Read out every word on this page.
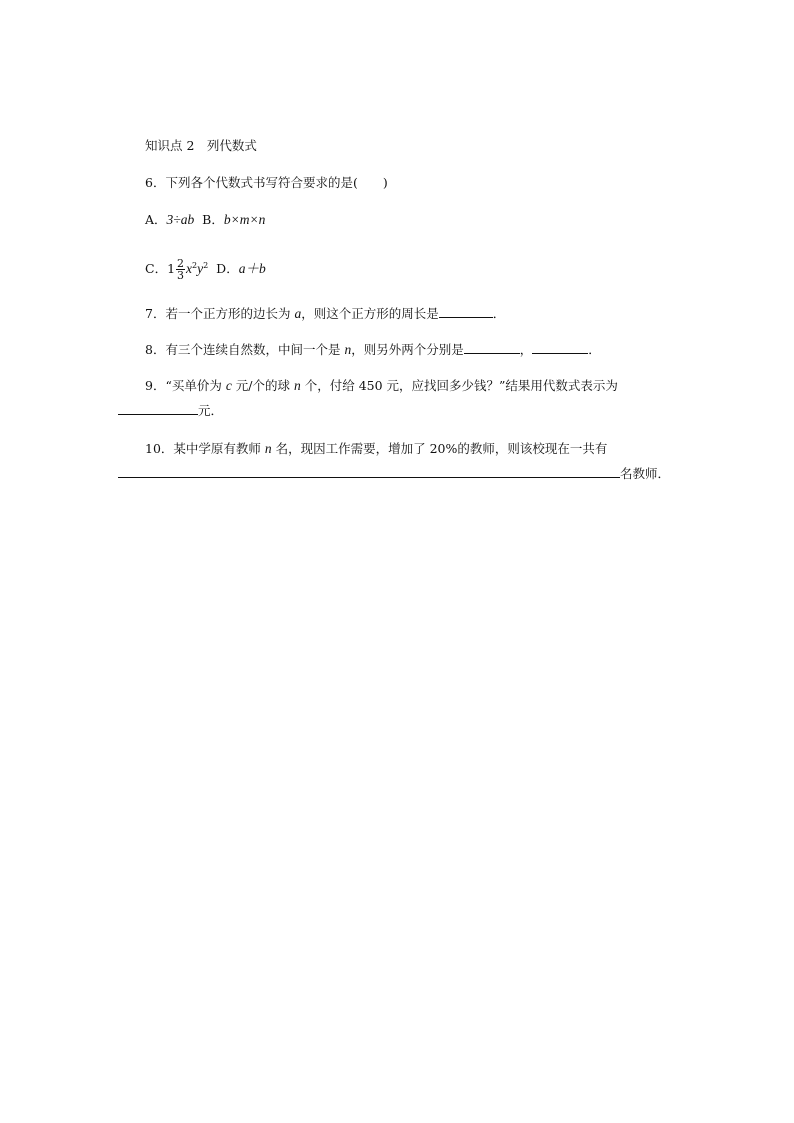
知识点 2　列代数式
6．下列各个代数式书写符合要求的是(　　)
A．3÷ab B．b×m×n
C．$1 \frac{2}{3} x^2y^2$ D．a＋b
7．若一个正方形的边长为 a，则这个正方形的周长是	．
8．有三个连续自然数，中间一个是 n，则另外两个分别是	，	．
9．“买单价为 c 元/个的球 n 个，付给 450 元，应找回多少钱？”结果用代数式表示为
元．
10．某中学原有教师 n 名，现因工作需要，增加了 20%的教师，则该校现在一共有
名教师．
